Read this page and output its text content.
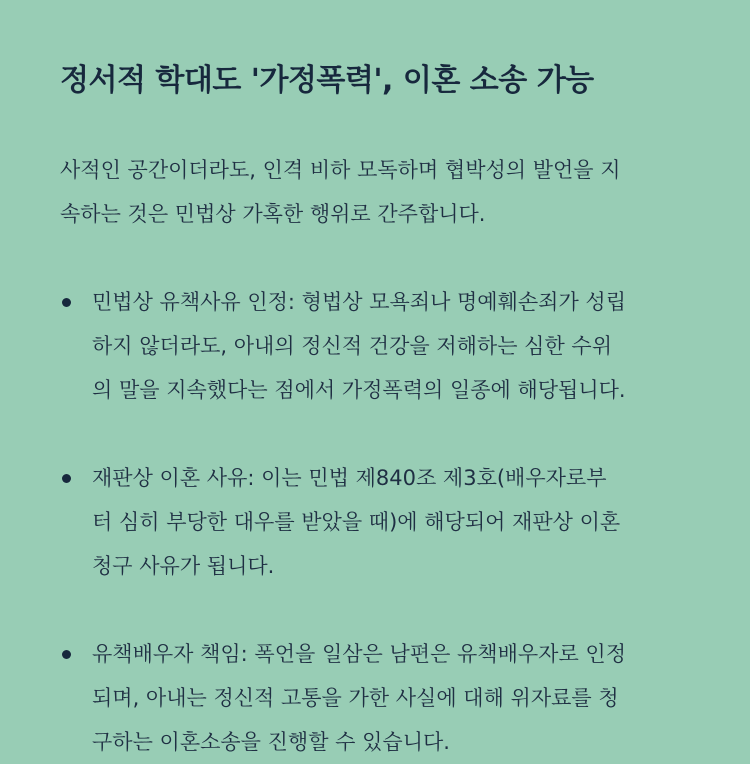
정서적 학대도 '가정폭력', 이혼 소송 가능

사적인 공간이더라도, 인격 비하 모독하며 협박성의 발언을 지
속하는 것은 민법상 가혹한 행위로 간주합니다.

민법상 유책사유 인정: 형법상 모욕죄나 명예훼손죄가 성립
하지 않더라도, 아내의 정신적 건강을 저해하는 심한 수위
의 말을 지속했다는 점에서 가정폭력의 일종에 해당됩니다.
재판상 이혼 사유: 이는 민법 제840조 제3호(배우자로부
터 심히 부당한 대우를 받았을 때)에 해당되어 재판상 이혼
청구 사유가 됩니다.
유책배우자 책임: 폭언을 일삼은 남편은 유책배우자로 인정
되며, 아내는 정신적 고통을 가한 사실에 대해 위자료를 청
구하는 이혼소송을 진행할 수 있습니다.
